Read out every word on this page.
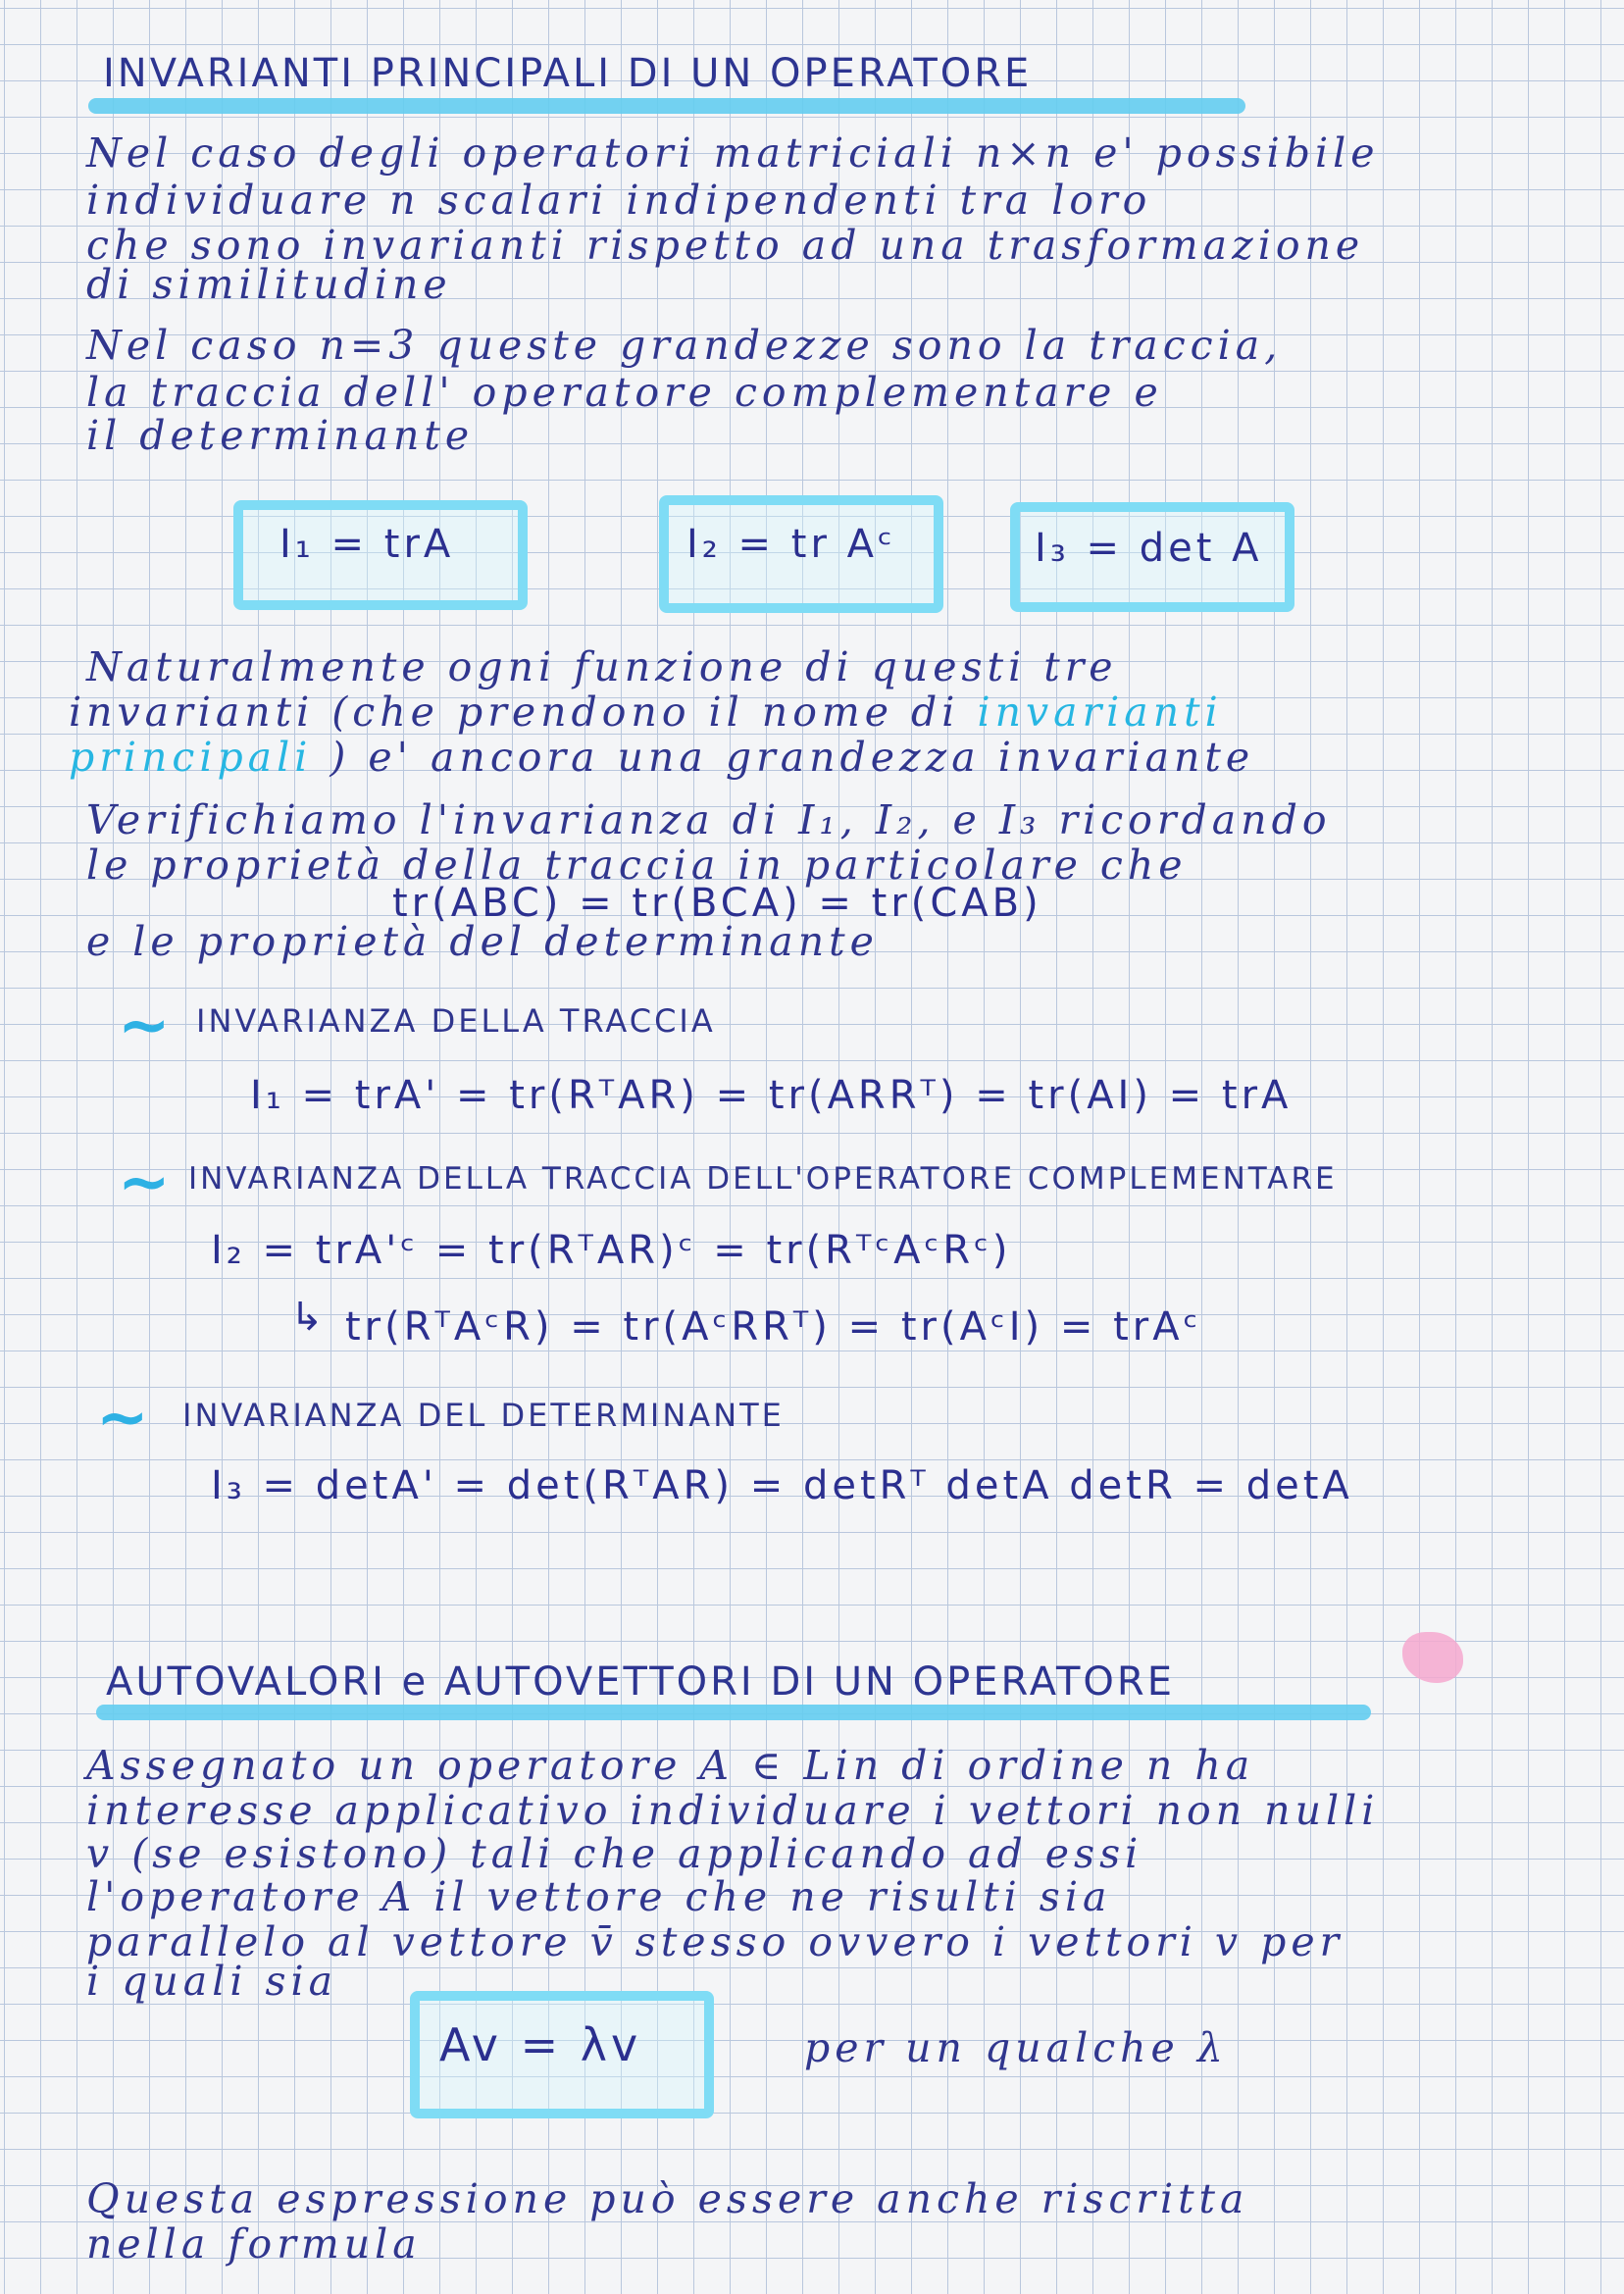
INVARIANTI PRINCIPALI DI UN OPERATORE
Nel caso degli operatori matriciali n×n e' possibile
individuare n scalari indipendenti tra loro
che sono invarianti rispetto ad una trasformazione
di similitudine
Nel caso n=3 queste grandezze sono la traccia,
la traccia dell' operatore complementare e
il determinante
I₁ = trA	I₂ = tr Aᶜ	I₃ = det A
Naturalmente ogni funzione di questi tre
invarianti (che prendono il nome di invarianti
principali ) e' ancora una grandezza invariante
Verifichiamo l'invarianza di I₁, I₂, e I₃ ricordando
le proprietà della traccia in particolare che
tr(ABC) = tr(BCA) = tr(CAB)
e le proprietà del determinante
~ INVARIANZA DELLA TRACCIA
I₁ = trA' = tr(RᵀAR) = tr(ARRᵀ) = tr(AI) = trA
~ INVARIANZA DELLA TRACCIA DELL'OPERATORE COMPLEMENTARE
I₂ = trA'ᶜ = tr(RᵀAR)ᶜ = tr(RᵀᶜAᶜRᶜ)
↳ tr(RᵀAᶜR) = tr(AᶜRRᵀ) = tr(AᶜI) = trAᶜ
~ INVARIANZA DEL DETERMINANTE
I₃ = detA' = det(RᵀAR) = detRᵀ detA detR = detA
AUTOVALORI e AUTOVETTORI DI UN OPERATORE
Assegnato un operatore A ∈ Lin di ordine n ha
interesse applicativo individuare i vettori non nulli
v (se esistono) tali che applicando ad essi
l'operatore A il vettore che ne risulti sia
parallelo al vettore v̄ stesso ovvero i vettori v per
i quali sia
Av = λv	per un qualche λ
Questa espressione può essere anche riscritta
nella formula
